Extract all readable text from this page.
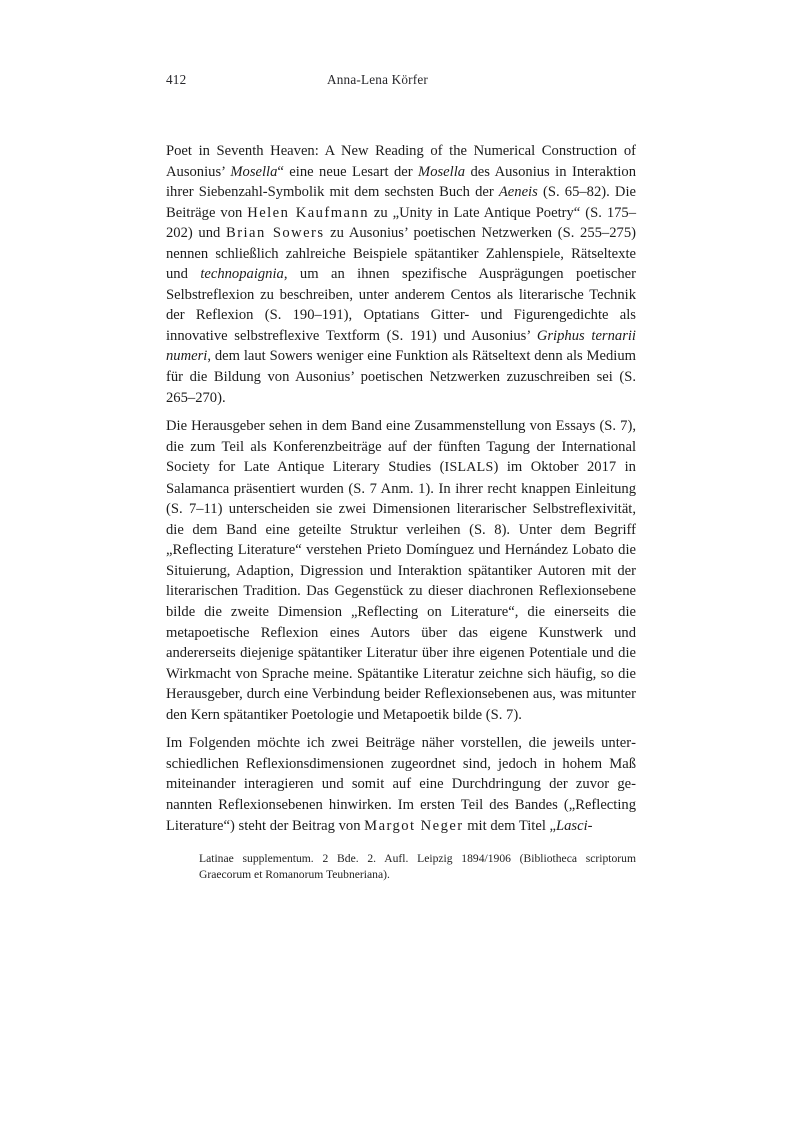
412	Anna-Lena Körfer

Poet in Seventh Heaven: A New Reading of the Numerical Construction of Ausonius’ Mosella“ eine neue Lesart der Mosella des Ausonius in Interaktion ihrer Siebenzahl-Symbolik mit dem sechsten Buch der Aeneis (S. 65–82). Die Beiträge von Helen Kaufmann zu „Unity in Late Antique Poetry“ (S. 175–202) und Brian Sowers zu Ausonius’ poetischen Netzwerken (S. 255–275) nennen schließlich zahlreiche Beispiele spätantiker Zahlenspiele, Rätseltexte und technopaignia, um an ihnen spezifische Ausprägungen poetischer Selbstreflexion zu beschreiben, unter anderem Centos als literarische Technik der Reflexion (S. 190–191), Optatians Gitter- und Figurengedichte als innovative selbstreflexive Textform (S. 191) und Ausonius’ Griphus ternarii numeri, dem laut Sowers weniger eine Funktion als Rätseltext denn als Medium für die Bildung von Ausonius’ poetischen Netzwerken zuzuschreiben sei (S. 265–270).

Die Herausgeber sehen in dem Band eine Zusammenstellung von Essays (S. 7), die zum Teil als Konferenzbeiträge auf der fünften Tagung der International Society for Late Antique Literary Studies (ISLALS) im Oktober 2017 in Salamanca präsentiert wurden (S. 7 Anm. 1). In ihrer recht knappen Einleitung (S. 7–11) unterscheiden sie zwei Dimensionen literarischer Selbstreflexivität, die dem Band eine geteilte Struktur verleihen (S. 8). Unter dem Begriff „Reflecting Literature“ verstehen Prieto Domínguez und Hernández Lobato die Situierung, Adaption, Digression und Interaktion spätantiker Autoren mit der literarischen Tradition. Das Gegenstück zu dieser diachronen Reflexionsebene bilde die zweite Dimension „Reflecting on Literature“, die einerseits die metapoetische Reflexion eines Autors über das eigene Kunstwerk und andererseits diejenige spätantiker Literatur über ihre eigenen Potentiale und die Wirkmacht von Sprache meine. Spätantike Literatur zeichne sich häufig, so die Herausgeber, durch eine Verbindung beider Reflexionsebenen aus, was mitunter den Kern spätantiker Poetologie und Metapoetik bilde (S. 7).

Im Folgenden möchte ich zwei Beiträge näher vorstellen, die jeweils unterschiedlichen Reflexionsdimensionen zugeordnet sind, jedoch in hohem Maß miteinander interagieren und somit auf eine Durchdringung der zuvor genannten Reflexionsebenen hinwirken. Im ersten Teil des Bandes („Reflecting Literature“) steht der Beitrag von Margot Neger mit dem Titel „Lasci-

Latinae supplementum. 2 Bde. 2. Aufl. Leipzig 1894/1906 (Bibliotheca scriptorum Graecorum et Romanorum Teubneriana).
